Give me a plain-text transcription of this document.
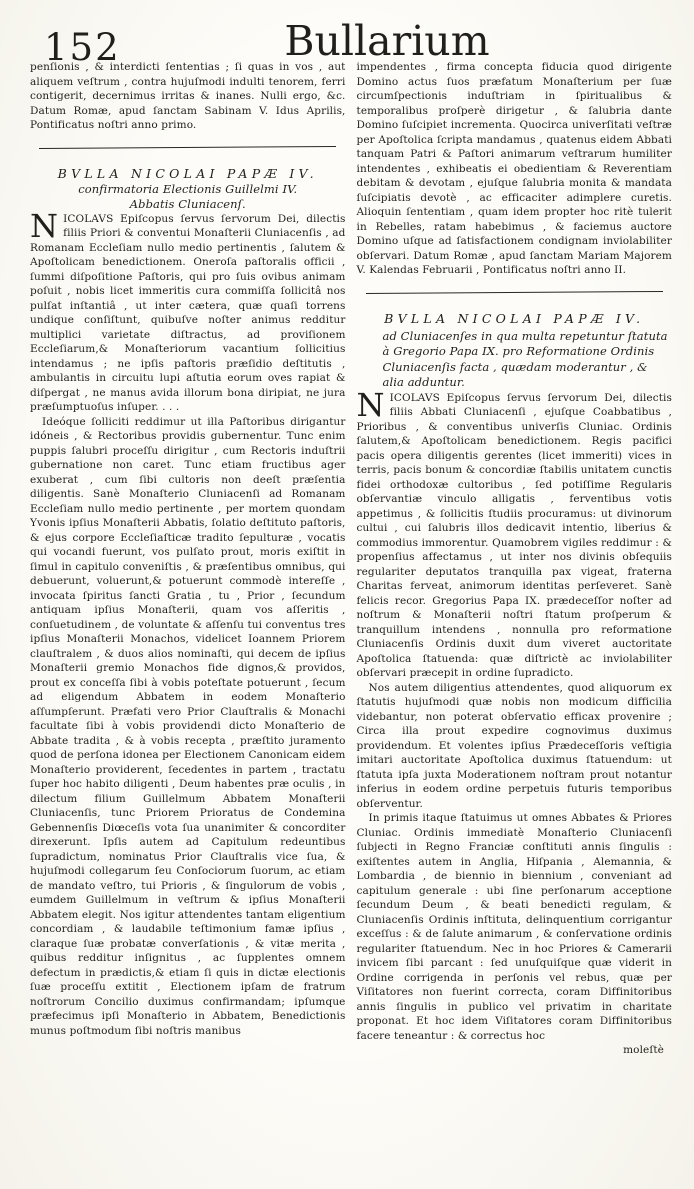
152	Bullarium

penſionis , & interdicti ſententias ; ſi quas in vos , aut aliquem veſtrum , contra hujuſmodi indulti tenorem, ferri contigerit, decernimus irritas & inanes. Nulli ergo, &c. Datum Romæ, apud ſanctam Sabinam V. Idus Aprilis, Pontificatus noſtri anno primo.

BVLLA NICOLAI PAPÆ IV.
confirmatoria Electionis Guillelmi IV.
Abbatis Cluniacenſ.

NICOLAVS Epiſcopus ſervus ſervorum Dei, dilectis filiis Priori & conventui Monaſterii Cluniacenſis , ad Romanam Eccleſiam nullo medio pertinentis , ſalutem & Apoſtolicam benedictionem. Oneroſa paſtoralis officii , ſummi diſpoſitione Paſtoris, qui pro ſuis ovibus animam poſuit , nobis licet immeritis cura commiſſa ſollicitâ nos pulſat inſtantiâ , ut inter cætera, quæ quaſi torrens undique conſiſtunt, quibuſve noſter animus redditur multiplici varietate diſtractus, ad proviſionem Eccleſiarum,& Monaſteriorum vacantium ſollicitius intendamus ; ne ipſis paſtoris præſidio deſtitutis , ambulantis in circuitu lupi aſtutia eorum oves rapiat & diſpergat , ne manus avida illorum bona diripiat, ne jura præſumptuoſus inſuper. . . .

Ideóque ſolliciti reddimur ut illa Paſtoribus dirigantur idóneis , & Rectoribus providis gubernentur. Tunc enim puppis ſalubri proceſſu dirigitur , cum Rectoris induſtrii gubernatione non caret. Tunc etiam fructibus ager exuberat , cum ſibi cultoris non deeſt præſentia diligentis. Sanè Monaſterio Cluniacenſi ad Romanam Eccleſiam nullo medio pertinente , per mortem quondam Yvonis ipſius Monaſterii Abbatis, ſolatio deſtituto paſtoris, & ejus corpore Eccleſiaſticæ tradito ſepulturæ , vocatis qui vocandi fuerunt, vos pulſato prout, moris exiſtit in ſimul in capitulo conveniſtis , & præſentibus omnibus, qui debuerunt, voluerunt,& potuerunt commodè intereſſe , invocata ſpiritus ſancti Gratia , tu , Prior , ſecundum antiquam ipſius Monaſterii, quam vos aſſeritis , conſuetudinem , de voluntate & aſſenſu tui conventus tres ipſius Monaſterii Monachos, videlicet Ioannem Priorem clauſtralem , & duos alios nominaſti, qui decem de ipſius Monaſterii gremio Monachos fide dignos,& providos, prout ex conceſſa ſibi à vobis poteſtate potuerunt , ſecum ad eligendum Abbatem in eodem Monaſterio aſſumpſerunt. Præfati vero Prior Clauſtralis & Monachi facultate ſibi à vobis providendi dicto Monaſterio de Abbate tradita , & à vobis recepta , præſtito juramento quod de perſona idonea per Electionem Canonicam eidem Monaſterio providerent, ſecedentes in partem , tractatu ſuper hoc habito diligenti , Deum habentes præ oculis , in dilectum filium Guillelmum Abbatem Monaſterii Cluniacenſis, tunc Priorem Prioratus de Condemina Gebennenſis Diœceſis vota ſua unanimiter & concorditer direxerunt. Ipſis autem ad Capitulum redeuntibus ſupradictum, nominatus Prior Clauſtralis vice ſua, & hujuſmodi collegarum ſeu Conſociorum ſuorum, ac etiam de mandato veſtro, tui Prioris , & ſingulorum de vobis , eumdem Guillelmum in veſtrum & ipſius Monaſterii Abbatem elegit. Nos igitur attendentes tantam eligentium concordiam , & laudabile teſtimonium famæ ipſius , claraque ſuæ probatæ converſationis , & vitæ merita , quibus redditur inſignitus , ac ſupplentes omnem defectum in prædictis,& etiam ſi quis in dictæ electionis ſuæ proceſſu extitit , Electionem ipſam de fratrum noſtrorum Concilio duximus confirmandam; ipſumque præfecimus ipſi Monaſterio in Abbatem, Benedictionis munus poſtmodum ſibi noſtris manibus

impendentes , firma concepta fiducia quod dirigente Domino actus ſuos præfatum Monaſterium per ſuæ circumſpectionis induſtriam in ſpiritualibus & temporalibus proſperè dirigetur , & ſalubria dante Domino ſuſcipiet incrementa. Quocirca univerſitati veſtræ per Apoſtolica ſcripta mandamus , quatenus eidem Abbati tanquam Patri & Paſtori animarum veſtrarum humiliter intendentes , exhibeatis ei obedientiam & Reverentiam debitam & devotam , ejuſque ſalubria monita & mandata ſuſcipiatis devotè , ac efficaciter adimplere curetis. Alioquin ſententiam , quam idem propter hoc ritè tulerit in Rebelles, ratam habebimus , & faciemus auctore Domino uſque ad ſatisfactionem condignam inviolabiliter obſervari. Datum Romæ , apud ſanctam Mariam Majorem V. Kalendas Februarii , Pontificatus noſtri anno II.

BVLLA NICOLAI PAPÆ IV.
ad Cluniacenſes in qua multa repetuntur ſtatuta à Gregorio Papa IX. pro Reformatione Ordinis Cluniacenſis facta , quædam moderantur , & alia adduntur.

NICOLAVS Epiſcopus ſervus ſervorum Dei, dilectis filiis Abbati Cluniacenſi , ejuſque Coabbatibus , Prioribus , & conventibus univerſis Cluniac. Ordinis ſalutem,& Apoſtolicam benedictionem. Regis pacifici pacis opera diligentis gerentes (licet immeriti) vices in terris, pacis bonum & concordiæ ſtabilis unitatem cunctis fidei orthodoxæ cultoribus , ſed potiſſime Regularis obſervantiæ vinculo alligatis , ferventibus votis appetimus , & ſollicitis ſtudiis procuramus: ut divinorum cultui , cui ſalubris illos dedicavit intentio, liberius & commodius immorentur. Quamobrem vigiles reddimur : & propenſius affectamus , ut inter nos divinis obſequiis regulariter deputatos tranquilla pax vigeat, fraterna Charitas ferveat, animorum identitas perſeveret. Sanè felicis recor. Gregorius Papa IX. prædeceſſor noſter ad noſtrum & Monaſterii noſtri ſtatum proſperum & tranquillum intendens , nonnulla pro reformatione Cluniacenſis Ordinis duxit dum viveret auctoritate Apoſtolica ſtatuenda: quæ diſtrictè ac inviolabiliter obſervari præcepit in ordine ſupradicto.

Nos autem diligentius attendentes, quod aliquorum ex ſtatutis hujuſmodi quæ nobis non modicum difficilia videbantur, non poterat obſervatio efficax provenire ; Circa illa prout expedire cognovimus duximus providendum. Et volentes ipſius Prædeceſſoris veſtigia imitari auctoritate Apoſtolica duximus ſtatuendum: ut ſtatuta ipſa juxta Moderationem noſtram prout notantur inferius in eodem ordine perpetuis futuris temporibus obſerventur.

In primis itaque ſtatuimus ut omnes Abbates & Priores Cluniac. Ordinis immediatè Monaſterio Cluniacenſi ſubjecti in Regno Franciæ conſtituti annis ſingulis : exiſtentes autem in Anglia, Hiſpania , Alemannia, & Lombardia , de biennio in biennium , conveniant ad capitulum generale : ubi ſine perſonarum acceptione ſecundum Deum , & beati benedicti regulam, & Cluniacenſis Ordinis inſtituta, delinquentium corrigantur exceſſus : & de ſalute animarum , & conſervatione ordinis regulariter ſtatuendum. Nec in hoc Priores & Camerarii invicem ſibi parcant : ſed unuſquiſque quæ viderit in Ordine corrigenda in perſonis vel rebus, quæ per Viſitatores non fuerint correcta, coram Diffinitoribus annis ſingulis in publico vel privatim in charitate proponat. Et hoc idem Viſitatores coram Diffinitoribus facere teneantur : & correctus hoc

moleſtè
